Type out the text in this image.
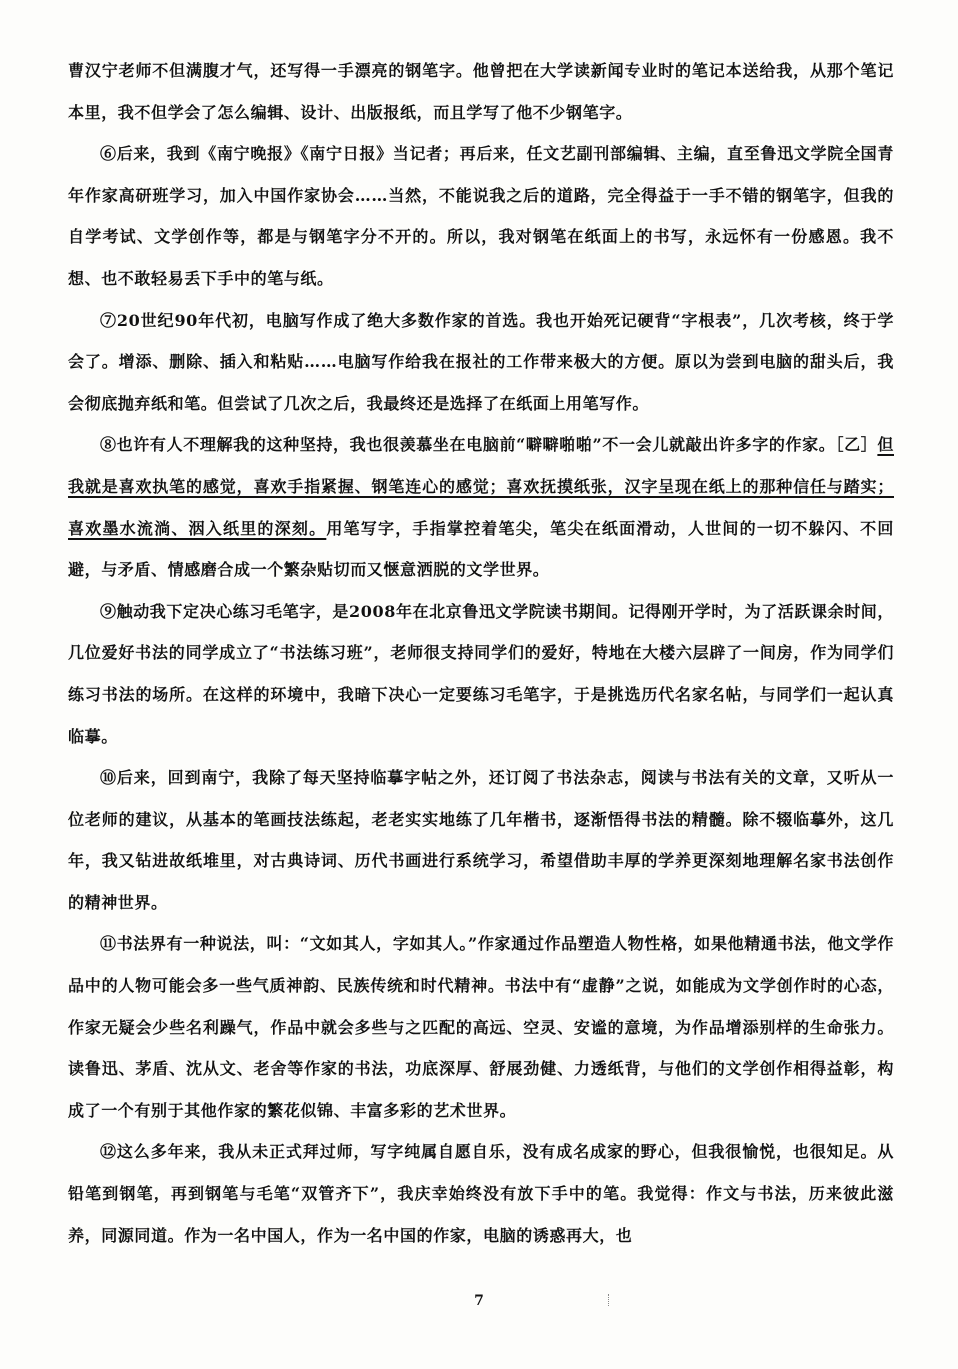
曹汉宁老师不但满腹才气，还写得一手漂亮的钢笔字。他曾把在大学读新闻专业时的笔记本送给我，从那个笔记本里，我不但学会了怎么编辑、设计、出版报纸，而且学写了他不少钢笔字。

⑥后来，我到《南宁晚报》《南宁日报》当记者；再后来，任文艺副刊部编辑、主编，直至鲁迅文学院全国青年作家高研班学习，加入中国作家协会……当然，不能说我之后的道路，完全得益于一手不错的钢笔字，但我的自学考试、文学创作等，都是与钢笔字分不开的。所以，我对钢笔在纸面上的书写，永远怀有一份感恩。我不想、也不敢轻易丢下手中的笔与纸。

⑦20世纪90年代初，电脑写作成了绝大多数作家的首选。我也开始死记硬背“字根表”，几次考核，终于学会了。增添、删除、插入和粘贴……电脑写作给我在报社的工作带来极大的方便。原以为尝到电脑的甜头后，我会彻底抛弃纸和笔。但尝试了几次之后，我最终还是选择了在纸面上用笔写作。

⑧也许有人不理解我的这种坚持，我也很羡慕坐在电脑前“噼噼啪啪”不一会儿就敲出许多字的作家。［乙］但我就是喜欢执笔的感觉，喜欢手指紧握、钢笔连心的感觉；喜欢抚摸纸张，汉字呈现在纸上的那种信任与踏实；喜欢墨水流淌、洇入纸里的深刻。用笔写字，手指掌控着笔尖，笔尖在纸面滑动，人世间的一切不躲闪、不回避，与矛盾、情感磨合成一个繁杂贴切而又惬意洒脱的文学世界。

⑨触动我下定决心练习毛笔字，是2008年在北京鲁迅文学院读书期间。记得刚开学时，为了活跃课余时间，几位爱好书法的同学成立了“书法练习班”，老师很支持同学们的爱好，特地在大楼六层辟了一间房，作为同学们练习书法的场所。在这样的环境中，我暗下决心一定要练习毛笔字，于是挑选历代名家名帖，与同学们一起认真临摹。

⑩后来，回到南宁，我除了每天坚持临摹字帖之外，还订阅了书法杂志，阅读与书法有关的文章，又听从一位老师的建议，从基本的笔画技法练起，老老实实地练了几年楷书，逐渐悟得书法的精髓。除不辍临摹外，这几年，我又钻进故纸堆里，对古典诗词、历代书画进行系统学习，希望借助丰厚的学养更深刻地理解名家书法创作的精神世界。

⑪书法界有一种说法，叫：“文如其人，字如其人。”作家通过作品塑造人物性格，如果他精通书法，他文学作品中的人物可能会多一些气质神韵、民族传统和时代精神。书法中有“虚静”之说，如能成为文学创作时的心态，作家无疑会少些名利躁气，作品中就会多些与之匹配的高远、空灵、安谧的意境，为作品增添别样的生命张力。读鲁迅、茅盾、沈从文、老舍等作家的书法，功底深厚、舒展劲健、力透纸背，与他们的文学创作相得益彰，构成了一个有别于其他作家的繁花似锦、丰富多彩的艺术世界。

⑫这么多年来，我从未正式拜过师，写字纯属自愿自乐，没有成名成家的野心，但我很愉悦，也很知足。从铅笔到钢笔，再到钢笔与毛笔“双管齐下”，我庆幸始终没有放下手中的笔。我觉得：作文与书法，历来彼此滋养，同源同道。作为一名中国人，作为一名中国的作家，电脑的诱惑再大，也

7
